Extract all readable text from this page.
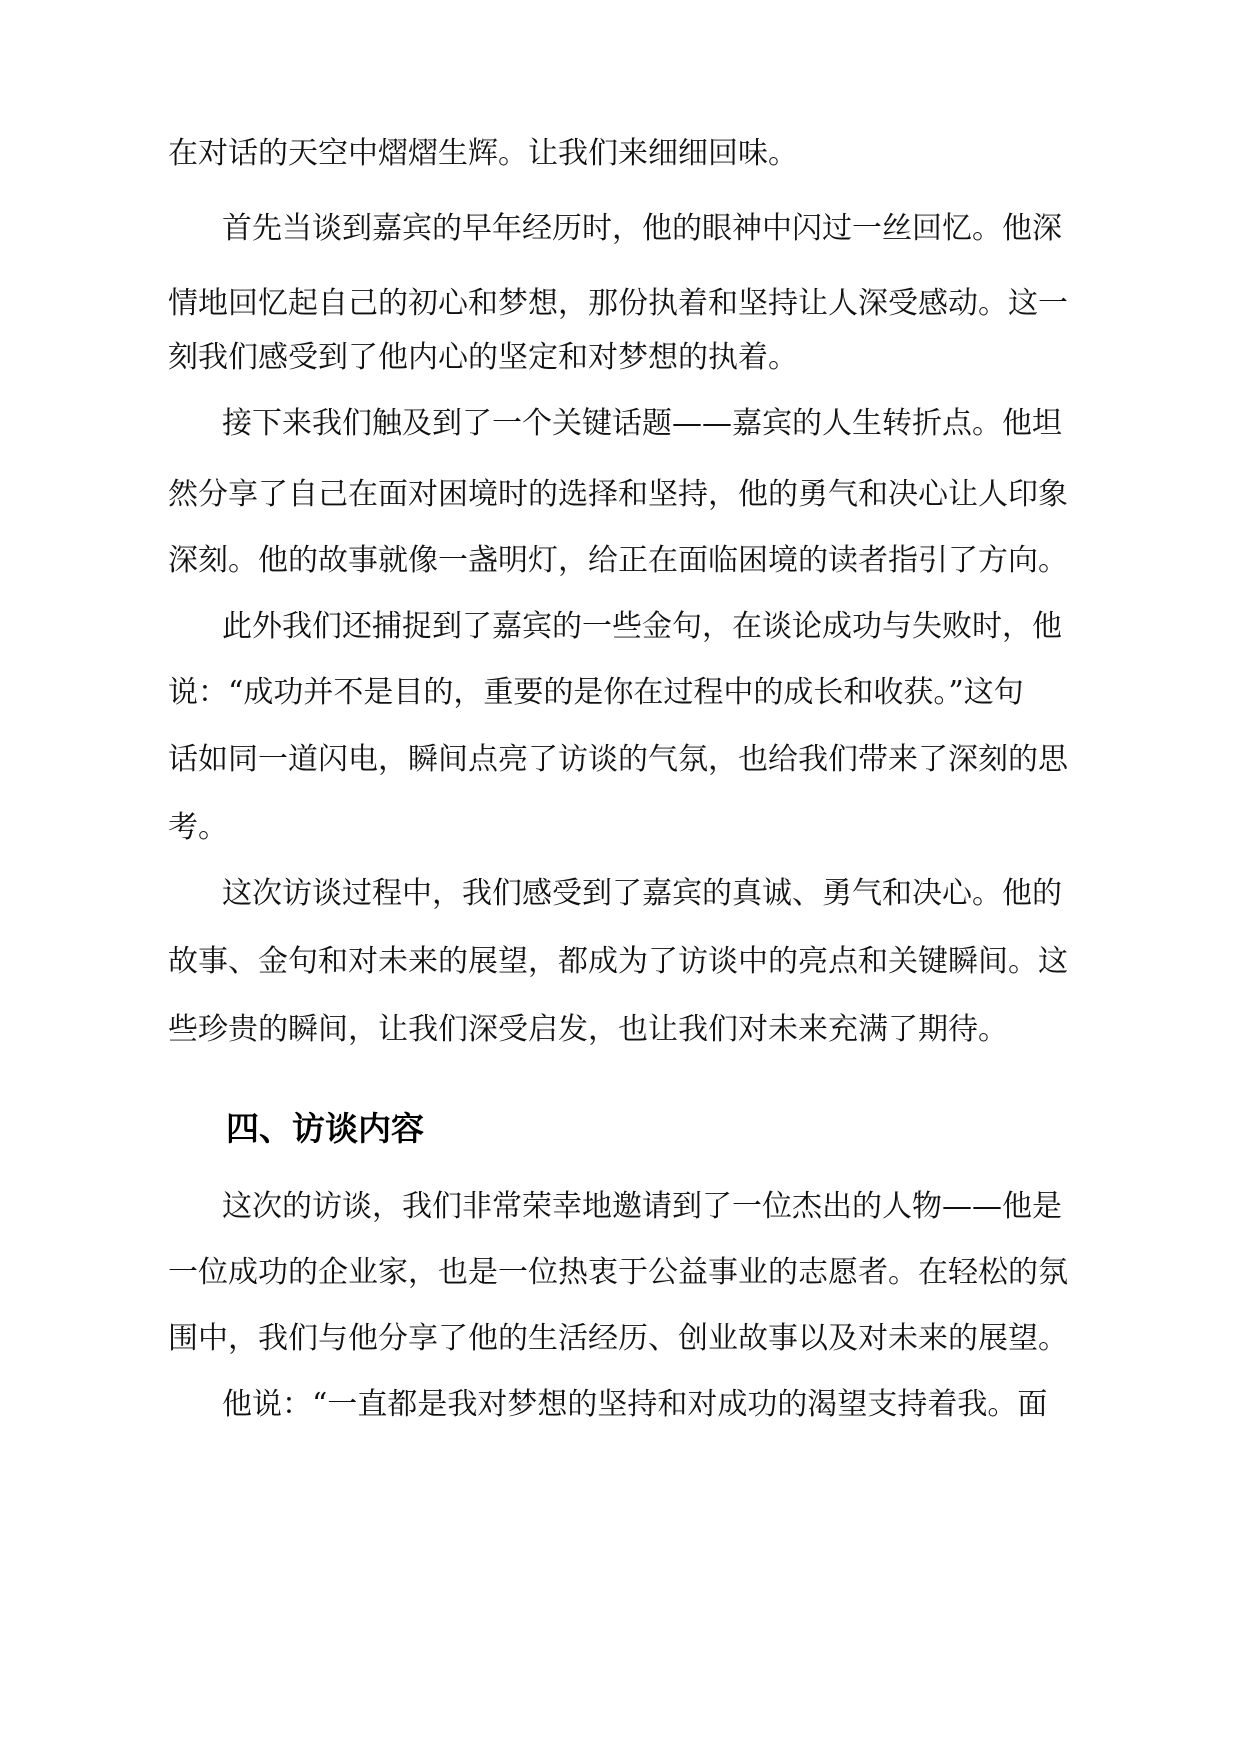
在对话的天空中熠熠生辉。让我们来细细回味。
首先当谈到嘉宾的早年经历时，他的眼神中闪过一丝回忆。他深
情地回忆起自己的初心和梦想，那份执着和坚持让人深受感动。这一
刻我们感受到了他内心的坚定和对梦想的执着。
接下来我们触及到了一个关键话题——嘉宾的人生转折点。他坦
然分享了自己在面对困境时的选择和坚持，他的勇气和决心让人印象
深刻。他的故事就像一盏明灯，给正在面临困境的读者指引了方向。
此外我们还捕捉到了嘉宾的一些金句，在谈论成功与失败时，他
说：“成功并不是目的，重要的是你在过程中的成长和收获。”这句
话如同一道闪电，瞬间点亮了访谈的气氛，也给我们带来了深刻的思
考。
这次访谈过程中，我们感受到了嘉宾的真诚、勇气和决心。他的
故事、金句和对未来的展望，都成为了访谈中的亮点和关键瞬间。这
些珍贵的瞬间，让我们深受启发，也让我们对未来充满了期待。
四、访谈内容
这次的访谈，我们非常荣幸地邀请到了一位杰出的人物——他是
一位成功的企业家，也是一位热衷于公益事业的志愿者。在轻松的氛
围中，我们与他分享了他的生活经历、创业故事以及对未来的展望。
他说：“一直都是我对梦想的坚持和对成功的渴望支持着我。面
